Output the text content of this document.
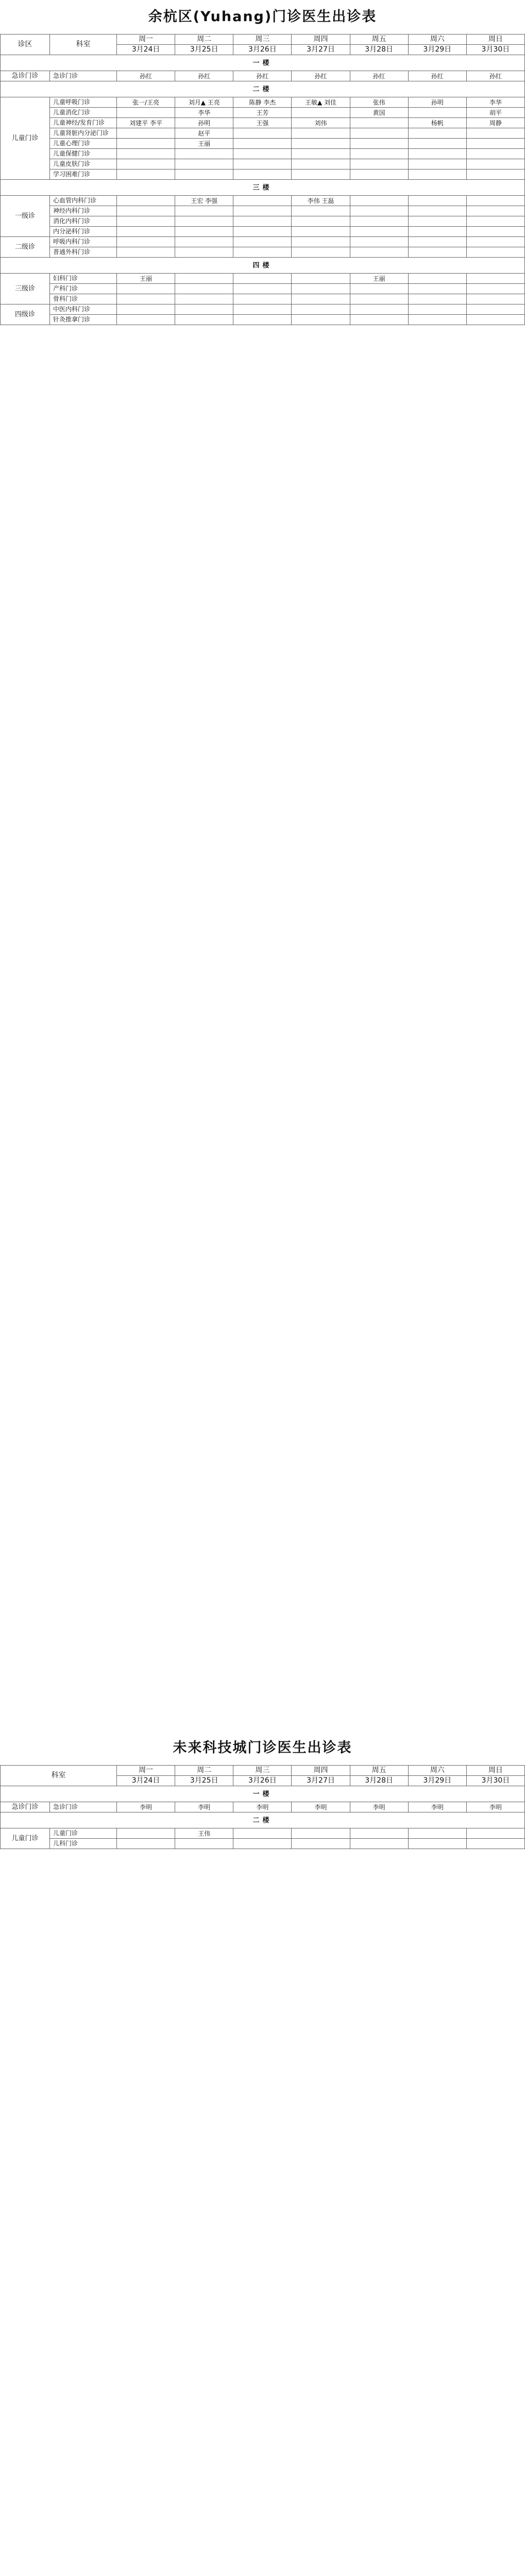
余杭区(Yuhang)门诊医生出诊表
诊区	科室	周一	周二	周三	周四	周五	周六	周日
		3月24日	3月25日	3月26日	3月27日	3月28日	3月29日	3月30日
一楼								
急诊门诊	急诊门诊	孙红	孙红	孙红	孙红	孙红	孙红	孙红
二楼								
儿童门诊	儿童呼吸门诊	张一/王亮	刘月▲ 王亮	陈静 李杰	王敏▲ 刘佳	张伟	孙明	李华
	儿童消化门诊		李华	王芳		黄国		胡平
	儿童神经/发育门诊	刘建平 李平	孙明	王强	刘伟		杨帆	周静
	儿童肾脏内分泌门诊		赵平					
	儿童心理门诊		王丽					
	儿童保健门诊							
	儿童皮肤门诊							
	学习困难门诊							
三楼								
一级诊	心血管内科门诊		王宏 李强		李伟 王磊			
	神经内科门诊							
	消化内科门诊							
	内分泌科门诊							
二级诊	呼吸内科门诊							
	普通外科门诊							
四楼								
三级诊	妇科门诊	王丽				王丽		
	产科门诊							
	骨科门诊							
四级诊	中医内科门诊							
	针灸推拿门诊							
未来科技城门诊医生出诊表
科室		周一	周二	周三	周四	周五	周六	周日
		3月24日	3月25日	3月26日	3月27日	3月28日	3月29日	3月30日
一楼								
急诊门诊	急诊门诊	李明	李明	李明	李明	李明	李明	李明
二楼								
儿童门诊	儿童门诊		王伟					
	儿科门诊							
